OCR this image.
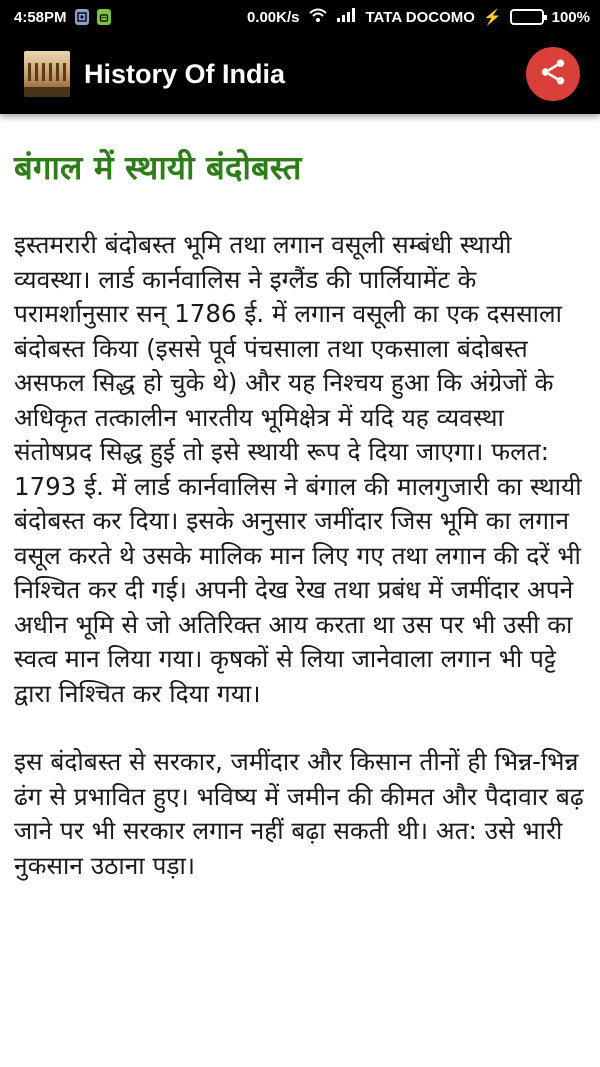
4:58PM	0.00K/s	TATA DOCOMO ⚡	100%
History Of India
बंगाल में स्थायी बंदोबस्त

इस्तमरारी बंदोबस्त भूमि तथा लगान वसूली सम्बंधी स्थायी व्यवस्था। लार्ड कार्नवालिस ने इग्लैंड की पार्लियामेंट के परामर्शानुसार सन् 1786 ई. में लगान वसूली का एक दससाला बंदोबस्त किया (इससे पूर्व पंचसाला तथा एकसाला बंदोबस्त असफल सिद्ध हो चुके थे) और यह निश्चय हुआ कि अंग्रेजों के अधिकृत तत्कालीन भारतीय भूमिक्षेत्र में यदि यह व्यवस्था संतोषप्रद सिद्ध हुई तो इसे स्थायी रूप दे दिया जाएगा। फलत: 1793 ई. में लार्ड कार्नवालिस ने बंगाल की मालगुजारी का स्थायी बंदोबस्त कर दिया। इसके अनुसार जमींदार जिस भूमि का लगान वसूल करते थे उसके मालिक मान लिए गए तथा लगान की दरें भी निश्चित कर दी गई। अपनी देख रेख तथा प्रबंध में जमींदार अपने अधीन भूमि से जो अतिरिक्त आय करता था उस पर भी उसी का स्वत्व मान लिया गया। कृषकों से लिया जानेवाला लगान भी पट्टे द्वारा निश्चित कर दिया गया।

इस बंदोबस्त से सरकार, जमींदार और किसान तीनों ही भिन्न-भिन्न ढंग से प्रभावित हुए। भविष्य में जमीन की कीमत और पैदावार बढ़ जाने पर भी सरकार लगान नहीं बढ़ा सकती थी। अत: उसे भारी नुकसान उठाना पड़ा।
